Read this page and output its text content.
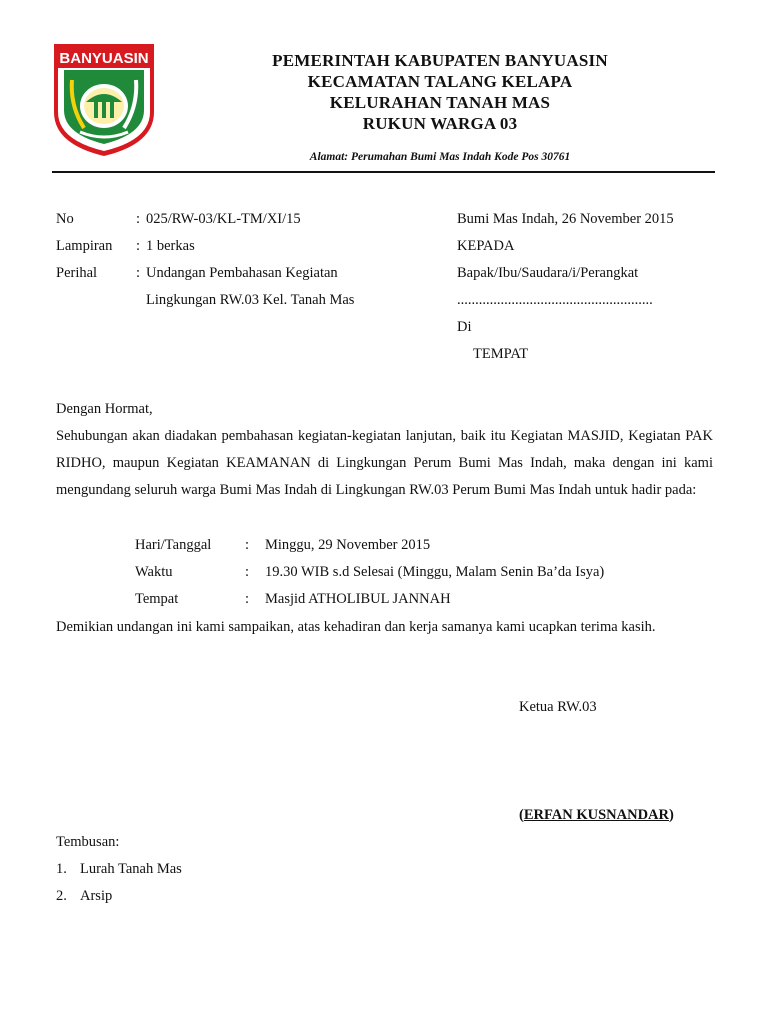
BANYUASIN	PEMERINTAH KABUPATEN BANYUASIN
KECAMATAN TALANG KELAPA
KELURAHAN TANAH MAS
RUKUN WARGA 03
Alamat: Perumahan Bumi Mas Indah Kode Pos 30761
No	: 025/RW-03/KL-TM/XI/15
Lampiran : 1 berkas
Perihal	: Undangan Pembahasan Kegiatan
Lingkungan RW.03 Kel. Tanah Mas
Bumi Mas Indah, 26 November 2015
KEPADA
Bapak/Ibu/Saudara/i/Perangkat
......................................................
Di
TEMPAT
Dengan Hormat,
Sehubungan akan diadakan pembahasan kegiatan-kegiatan lanjutan, baik itu Kegiatan MASJID, Kegiatan PAK RIDHO, maupun Kegiatan KEAMANAN di Lingkungan Perum Bumi Mas Indah, maka dengan ini kami mengundang seluruh warga Bumi Mas Indah di Lingkungan RW.03 Perum Bumi Mas Indah untuk hadir pada:
Hari/Tanggal : Minggu, 29 November 2015
Waktu	: 19.30 WIB s.d Selesai (Minggu, Malam Senin Ba’da Isya)
Tempat	: Masjid ATHOLIBUL JANNAH
Demikian undangan ini kami sampaikan, atas kehadiran dan kerja samanya kami ucapkan terima kasih.
Ketua RW.03
(ERFAN KUSNANDAR)
Tembusan:
1. Lurah Tanah Mas
2. Arsip
